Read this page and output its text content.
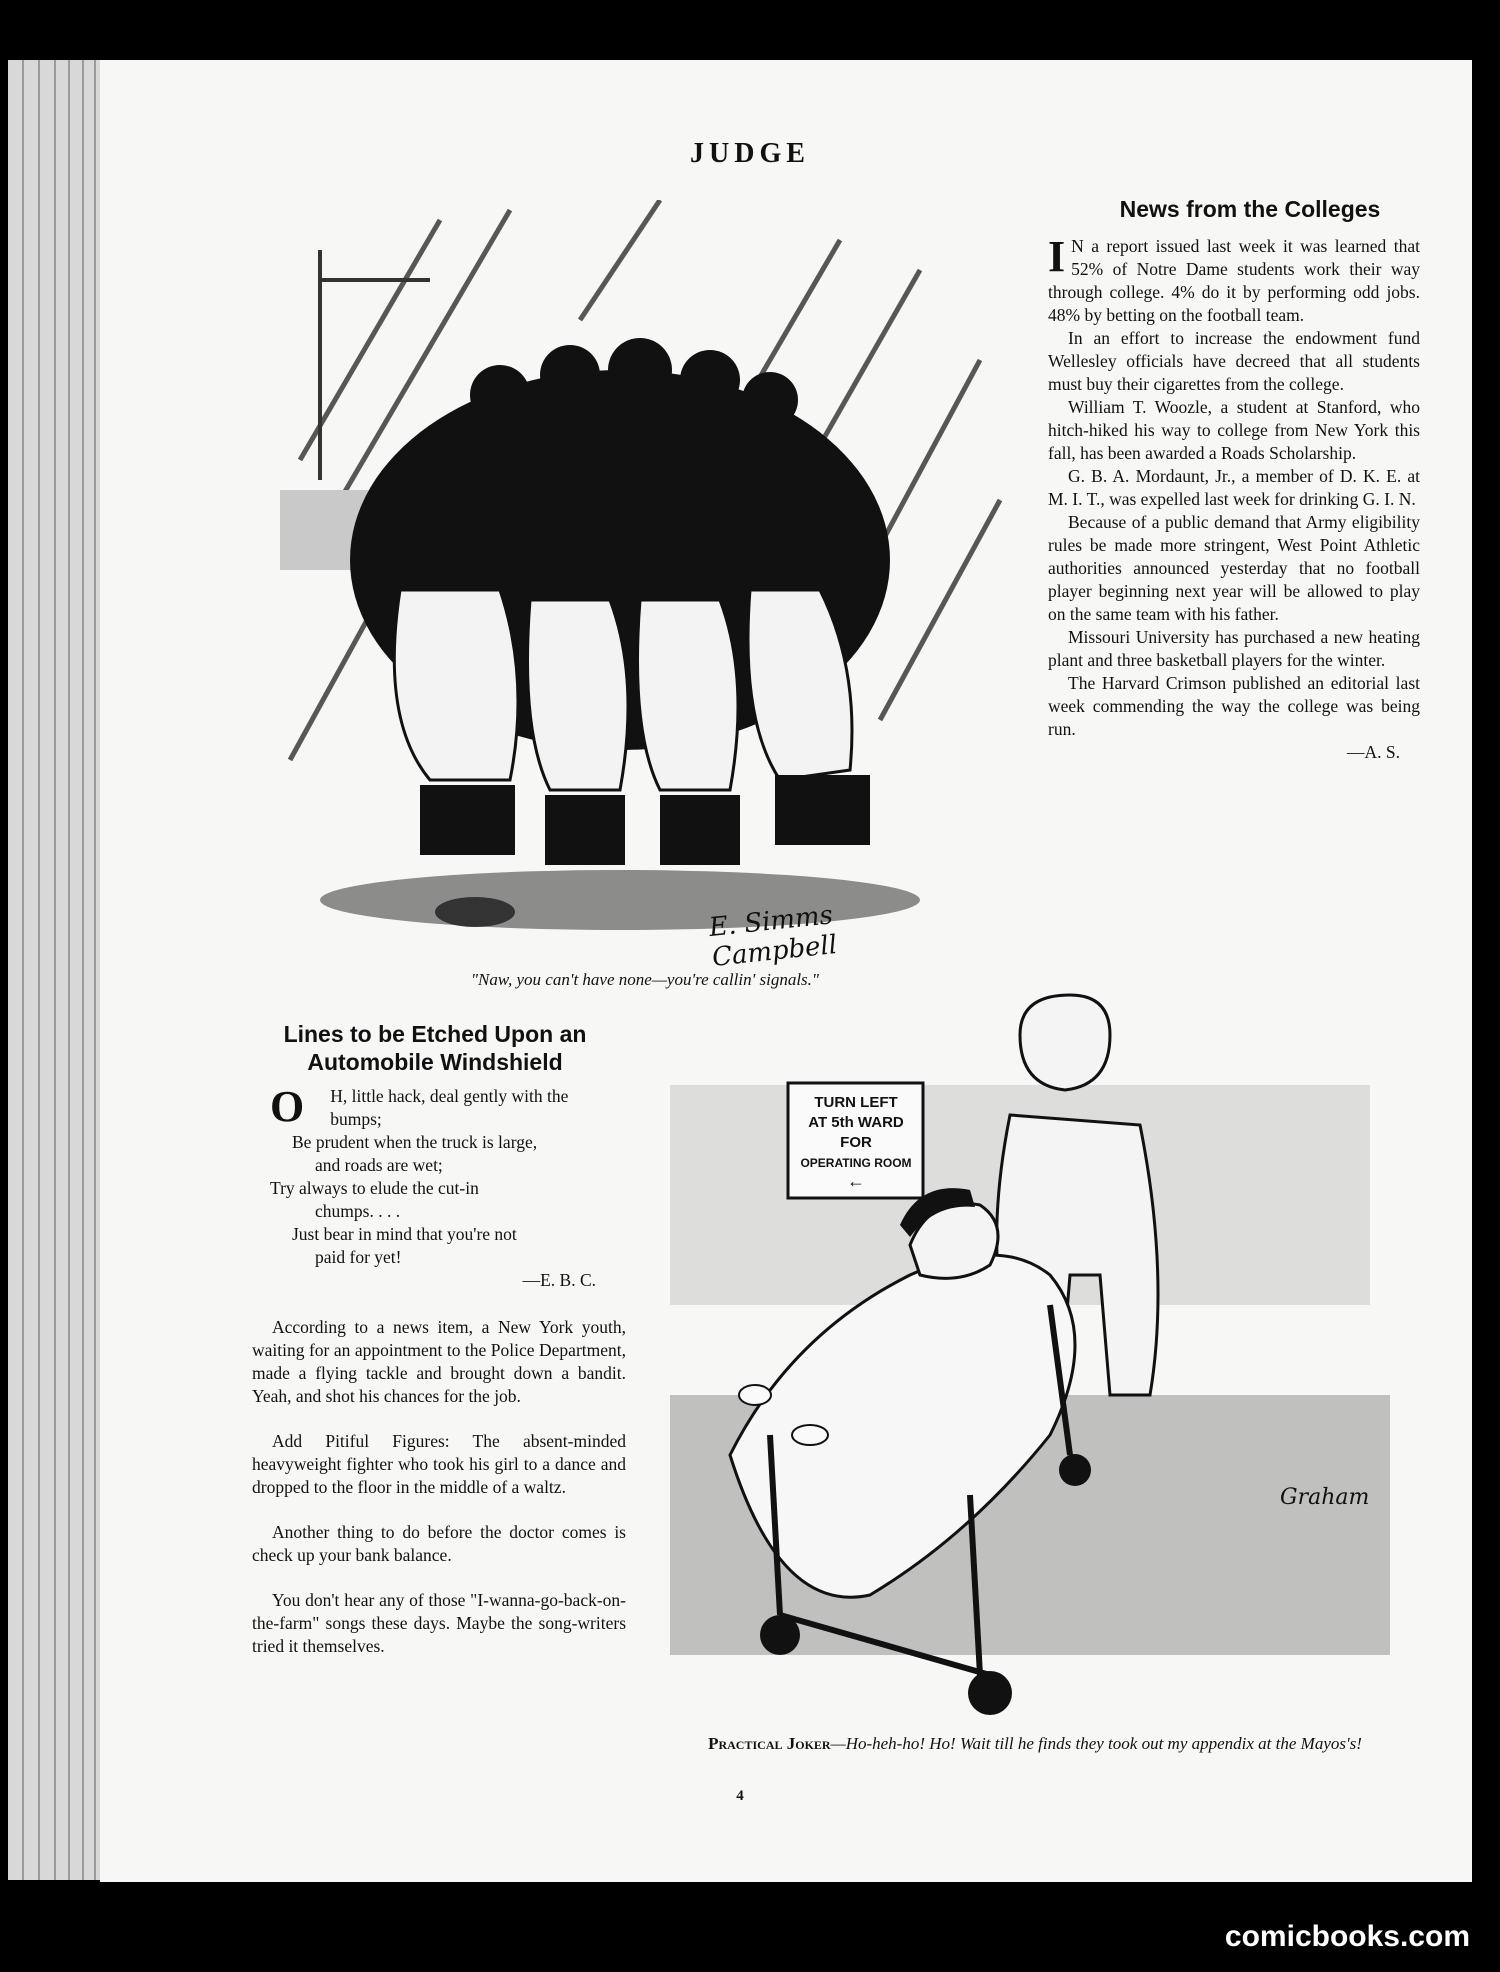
JUDGE
E. Simms Campbell
"Naw, you can't have none—you're callin' signals."
News from the Colleges

I N a report issued last week it was learned that 52% of Notre Dame students work their way through college. 4% do it by performing odd jobs. 48% by betting on the football team.

In an effort to increase the endowment fund Wellesley officials have decreed that all students must buy their cigarettes from the college.

William T. Woozle, a student at Stanford, who hitch-hiked his way to college from New York this fall, has been awarded a Roads Scholarship.

G. B. A. Mordaunt, Jr., a member of D. K. E. at M. I. T., was expelled last week for drinking G. I. N.

Because of a public demand that Army eligibility rules be made more stringent, West Point Athletic authorities announced yesterday that no football player beginning next year will be allowed to play on the same team with his father.

Missouri University has purchased a new heating plant and three basketball players for the winter.

The Harvard Crimson published an editorial last week commending the way the college was being run.

—A. S.

Lines to be Etched Upon an
Automobile Windshield

O H, little hack, deal gently with the

bumps;

Be prudent when the truck is large,

and roads are wet;

Try always to elude the cut-in

chumps. . . .

Just bear in mind that you're not

paid for yet!

—E. B. C.

According to a news item, a New York youth, waiting for an appointment to the Police Department, made a flying tackle and brought down a bandit. Yeah, and shot his chances for the job.

Add Pitiful Figures: The absent-minded heavyweight fighter who took his girl to a dance and dropped to the floor in the middle of a waltz.

Another thing to do before the doctor comes is check up your bank balance.

You don't hear any of those "I-wanna-go-back-on-the-farm" songs these days. Maybe the song-writers tried it themselves.

TURN LEFT
AT 5th WARD
FOR
OPERATING ROOM
←
Graham
Practical Joker—Ho-heh-ho! Ho! Wait till he finds they took out my appendix at the Mayos's!
4
comicbooks.com
